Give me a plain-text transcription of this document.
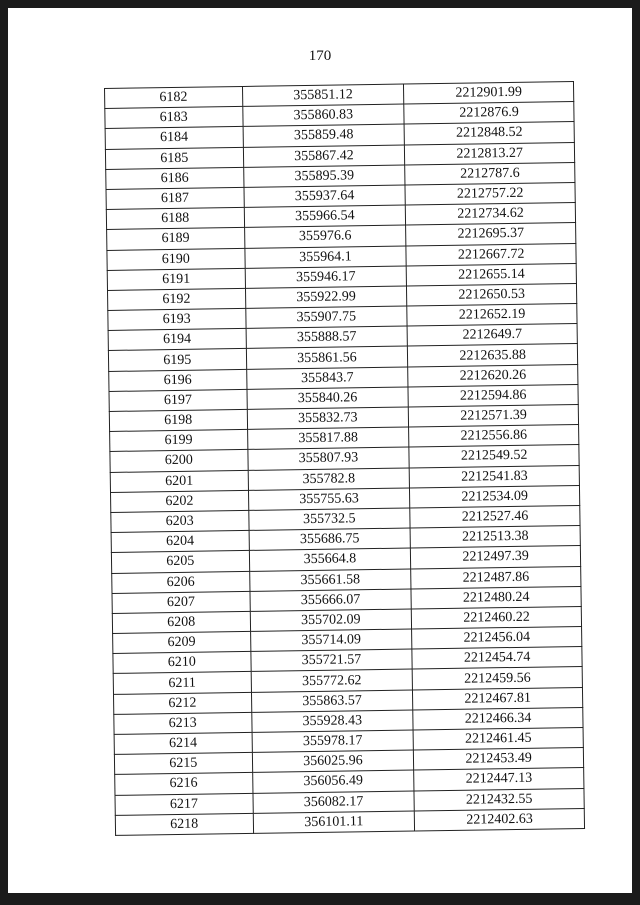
170
6182	355851.12	2212901.99
6183	355860.83	2212876.9
6184	355859.48	2212848.52
6185	355867.42	2212813.27
6186	355895.39	2212787.6
6187	355937.64	2212757.22
6188	355966.54	2212734.62
6189	355976.6	2212695.37
6190	355964.1	2212667.72
6191	355946.17	2212655.14
6192	355922.99	2212650.53
6193	355907.75	2212652.19
6194	355888.57	2212649.7
6195	355861.56	2212635.88
6196	355843.7	2212620.26
6197	355840.26	2212594.86
6198	355832.73	2212571.39
6199	355817.88	2212556.86
6200	355807.93	2212549.52
6201	355782.8	2212541.83
6202	355755.63	2212534.09
6203	355732.5	2212527.46
6204	355686.75	2212513.38
6205	355664.8	2212497.39
6206	355661.58	2212487.86
6207	355666.07	2212480.24
6208	355702.09	2212460.22
6209	355714.09	2212456.04
6210	355721.57	2212454.74
6211	355772.62	2212459.56
6212	355863.57	2212467.81
6213	355928.43	2212466.34
6214	355978.17	2212461.45
6215	356025.96	2212453.49
6216	356056.49	2212447.13
6217	356082.17	2212432.55
6218	356101.11	2212402.63
